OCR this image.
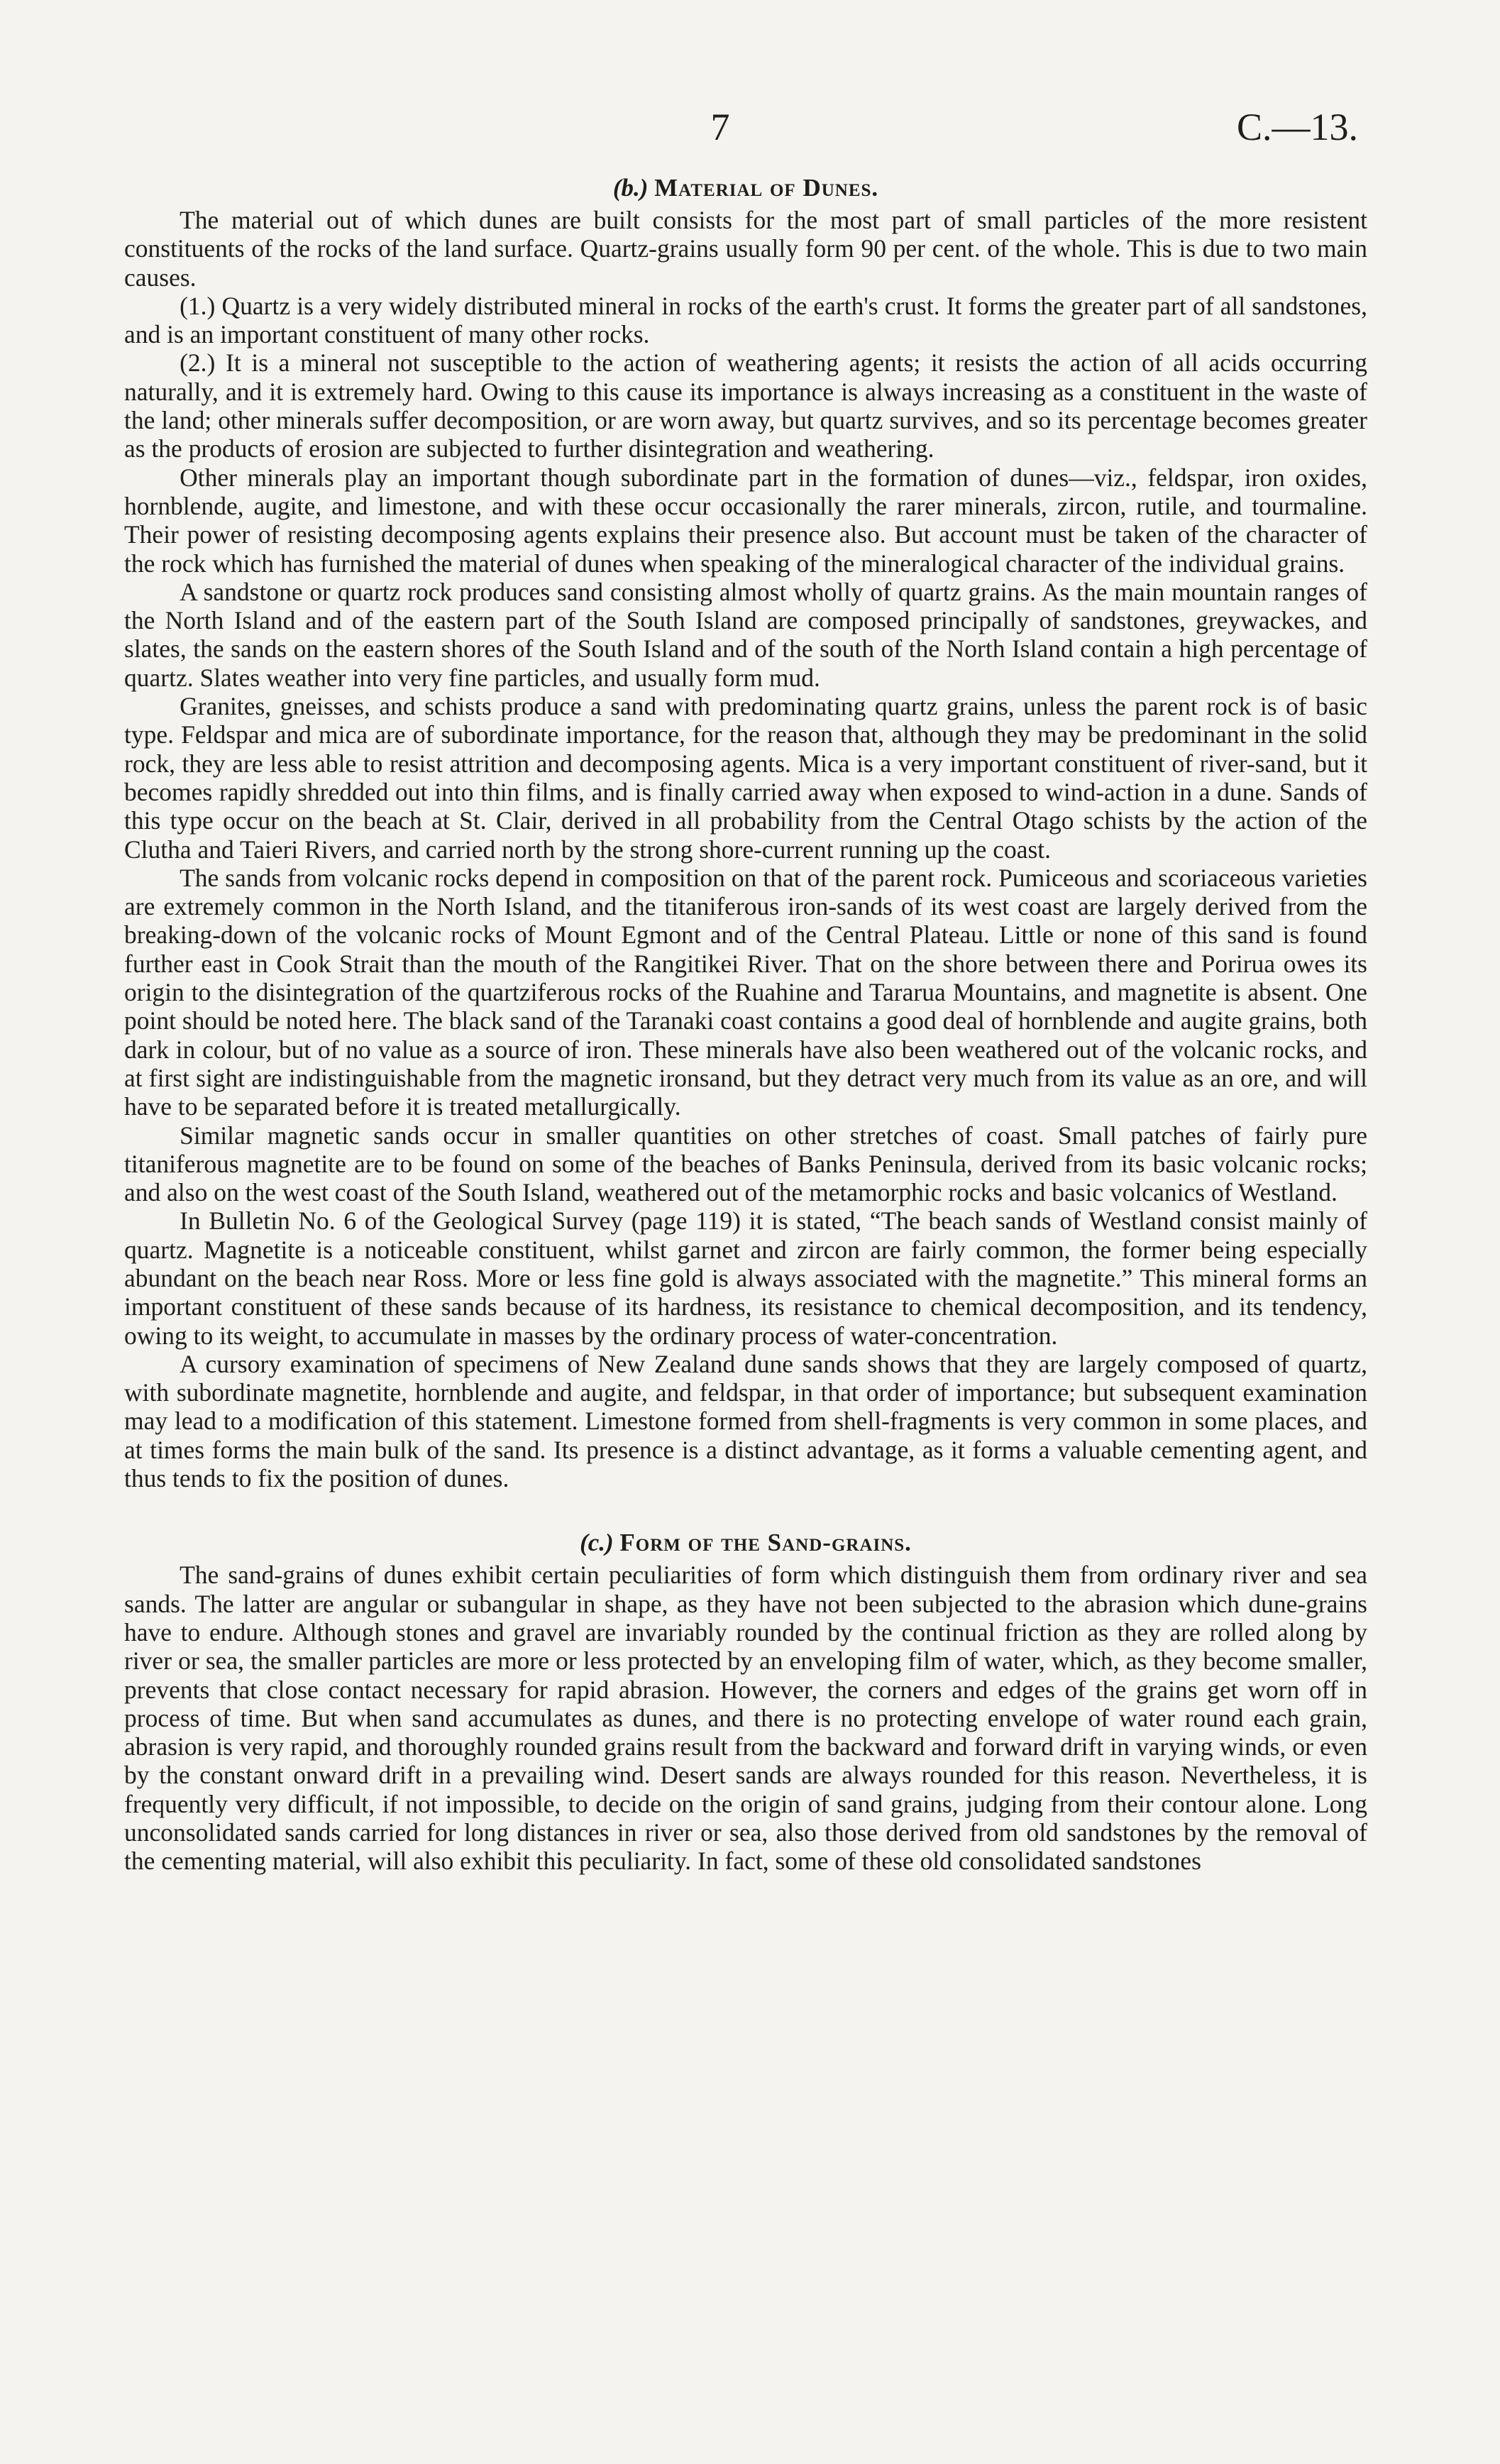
7	C.—13.
(b.) Material of Dunes.

The material out of which dunes are built consists for the most part of small particles of the more resistent constituents of the rocks of the land surface. Quartz-grains usually form 90 per cent. of the whole. This is due to two main causes.

(1.) Quartz is a very widely distributed mineral in rocks of the earth's crust. It forms the greater part of all sandstones, and is an important constituent of many other rocks.

(2.) It is a mineral not susceptible to the action of weathering agents; it resists the action of all acids occurring naturally, and it is extremely hard. Owing to this cause its importance is always increasing as a constituent in the waste of the land; other minerals suffer decomposition, or are worn away, but quartz survives, and so its percentage becomes greater as the products of erosion are subjected to further disintegration and weathering.

Other minerals play an important though subordinate part in the formation of dunes—viz., feldspar, iron oxides, hornblende, augite, and limestone, and with these occur occasionally the rarer minerals, zircon, rutile, and tourmaline. Their power of resisting decomposing agents explains their presence also. But account must be taken of the character of the rock which has furnished the material of dunes when speaking of the mineralogical character of the individual grains.

A sandstone or quartz rock produces sand consisting almost wholly of quartz grains. As the main mountain ranges of the North Island and of the eastern part of the South Island are composed principally of sandstones, greywackes, and slates, the sands on the eastern shores of the South Island and of the south of the North Island contain a high percentage of quartz. Slates weather into very fine particles, and usually form mud.

Granites, gneisses, and schists produce a sand with predominating quartz grains, unless the parent rock is of basic type. Feldspar and mica are of subordinate importance, for the reason that, although they may be predominant in the solid rock, they are less able to resist attrition and decomposing agents. Mica is a very important constituent of river-sand, but it becomes rapidly shredded out into thin films, and is finally carried away when exposed to wind-action in a dune. Sands of this type occur on the beach at St. Clair, derived in all probability from the Central Otago schists by the action of the Clutha and Taieri Rivers, and carried north by the strong shore-current running up the coast.

The sands from volcanic rocks depend in composition on that of the parent rock. Pumiceous and scoriaceous varieties are extremely common in the North Island, and the titaniferous iron-sands of its west coast are largely derived from the breaking-down of the volcanic rocks of Mount Egmont and of the Central Plateau. Little or none of this sand is found further east in Cook Strait than the mouth of the Rangitikei River. That on the shore between there and Porirua owes its origin to the disintegration of the quartziferous rocks of the Ruahine and Tararua Mountains, and magnetite is absent. One point should be noted here. The black sand of the Taranaki coast contains a good deal of hornblende and augite grains, both dark in colour, but of no value as a source of iron. These minerals have also been weathered out of the volcanic rocks, and at first sight are indistinguishable from the magnetic ironsand, but they detract very much from its value as an ore, and will have to be separated before it is treated metallurgically.

Similar magnetic sands occur in smaller quantities on other stretches of coast. Small patches of fairly pure titaniferous magnetite are to be found on some of the beaches of Banks Peninsula, derived from its basic volcanic rocks; and also on the west coast of the South Island, weathered out of the metamorphic rocks and basic volcanics of Westland.

In Bulletin No. 6 of the Geological Survey (page 119) it is stated, “The beach sands of Westland consist mainly of quartz. Magnetite is a noticeable constituent, whilst garnet and zircon are fairly common, the former being especially abundant on the beach near Ross. More or less fine gold is always associated with the magnetite.” This mineral forms an important constituent of these sands because of its hardness, its resistance to chemical decomposition, and its tendency, owing to its weight, to accumulate in masses by the ordinary process of water-concentration.

A cursory examination of specimens of New Zealand dune sands shows that they are largely composed of quartz, with subordinate magnetite, hornblende and augite, and feldspar, in that order of importance; but subsequent examination may lead to a modification of this statement. Limestone formed from shell-fragments is very common in some places, and at times forms the main bulk of the sand. Its presence is a distinct advantage, as it forms a valuable cementing agent, and thus tends to fix the position of dunes.

(c.) Form of the Sand-grains.

The sand-grains of dunes exhibit certain peculiarities of form which distinguish them from ordinary river and sea sands. The latter are angular or subangular in shape, as they have not been subjected to the abrasion which dune-grains have to endure. Although stones and gravel are invariably rounded by the continual friction as they are rolled along by river or sea, the smaller particles are more or less protected by an enveloping film of water, which, as they become smaller, prevents that close contact necessary for rapid abrasion. However, the corners and edges of the grains get worn off in process of time. But when sand accumulates as dunes, and there is no protecting envelope of water round each grain, abrasion is very rapid, and thoroughly rounded grains result from the backward and forward drift in varying winds, or even by the constant onward drift in a prevailing wind. Desert sands are always rounded for this reason. Nevertheless, it is frequently very difficult, if not impossible, to decide on the origin of sand grains, judging from their contour alone. Long unconsolidated sands carried for long distances in river or sea, also those derived from old sandstones by the removal of the cementing material, will also exhibit this peculiarity. In fact, some of these old consolidated sandstones
